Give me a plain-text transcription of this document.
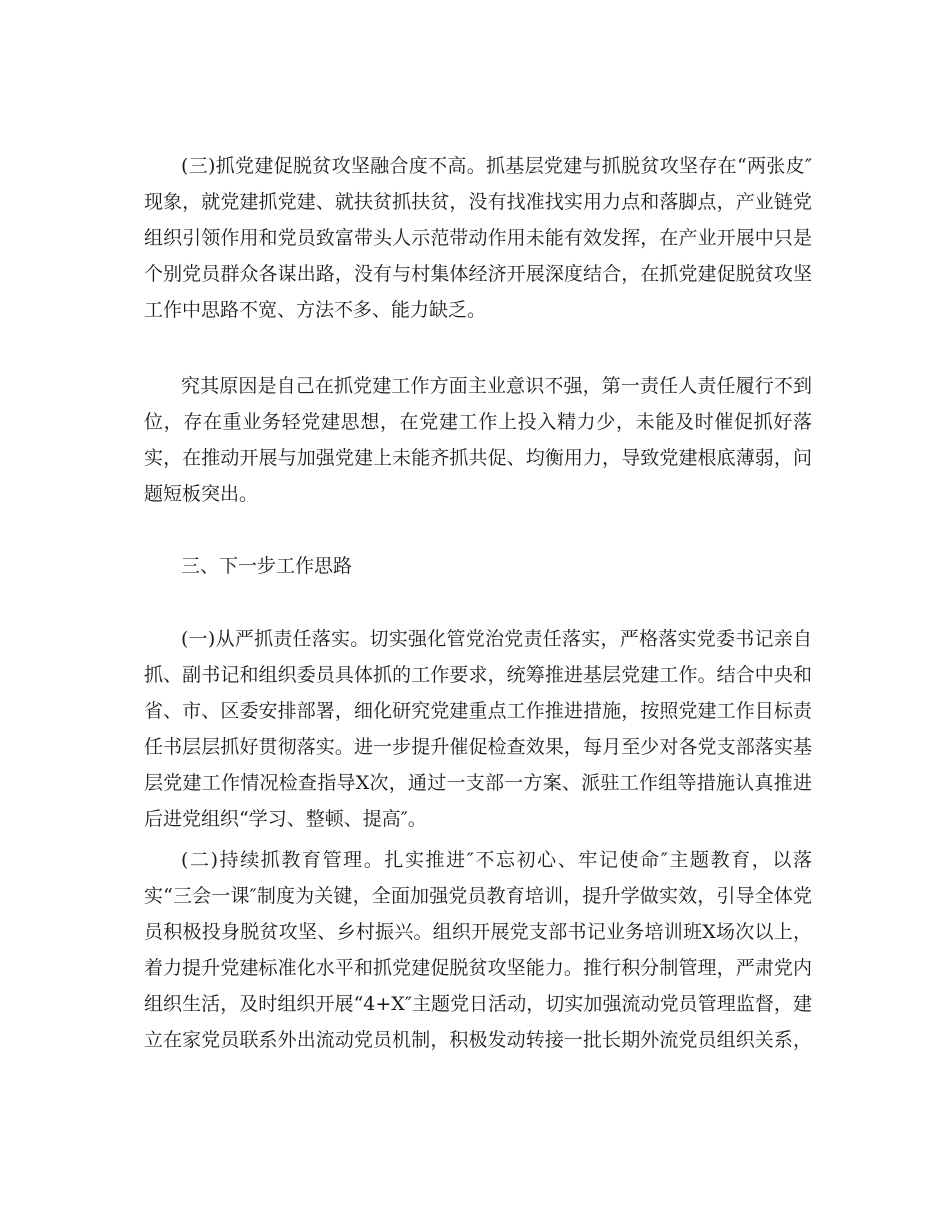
(三)抓党建促脱贫攻坚融合度不高。抓基层党建与抓脱贫攻坚存在“两张皮″
现象，就党建抓党建、就扶贫抓扶贫，没有找准找实用力点和落脚点，产业链党
组织引领作用和党员致富带头人示范带动作用未能有效发挥，在产业开展中只是
个别党员群众各谋出路，没有与村集体经济开展深度结合，在抓党建促脱贫攻坚
工作中思路不宽、方法不多、能力缺乏。
究其原因是自己在抓党建工作方面主业意识不强，第一责任人责任履行不到
位，存在重业务轻党建思想，在党建工作上投入精力少，未能及时催促抓好落
实，在推动开展与加强党建上未能齐抓共促、均衡用力，导致党建根底薄弱，问
题短板突出。
三、下一步工作思路
(一)从严抓责任落实。切实强化管党治党责任落实，严格落实党委书记亲自
抓、副书记和组织委员具体抓的工作要求，统筹推进基层党建工作。结合中央和
省、市、区委安排部署，细化研究党建重点工作推进措施，按照党建工作目标责
任书层层抓好贯彻落实。进一步提升催促检查效果，每月至少对各党支部落实基
层党建工作情况检查指导X次，通过一支部一方案、派驻工作组等措施认真推进
后进党组织“学习、整顿、提高″。
(二)持续抓教育管理。扎实推进″不忘初心、牢记使命″主题教育，以落
实“三会一课″制度为关键，全面加强党员教育培训，提升学做实效，引导全体党
员积极投身脱贫攻坚、乡村振兴。组织开展党支部书记业务培训班X场次以上，
着力提升党建标准化水平和抓党建促脱贫攻坚能力。推行积分制管理，严肃党内
组织生活，及时组织开展“4+X″主题党日活动，切实加强流动党员管理监督，建
立在家党员联系外出流动党员机制，积极发动转接一批长期外流党员组织关系，
